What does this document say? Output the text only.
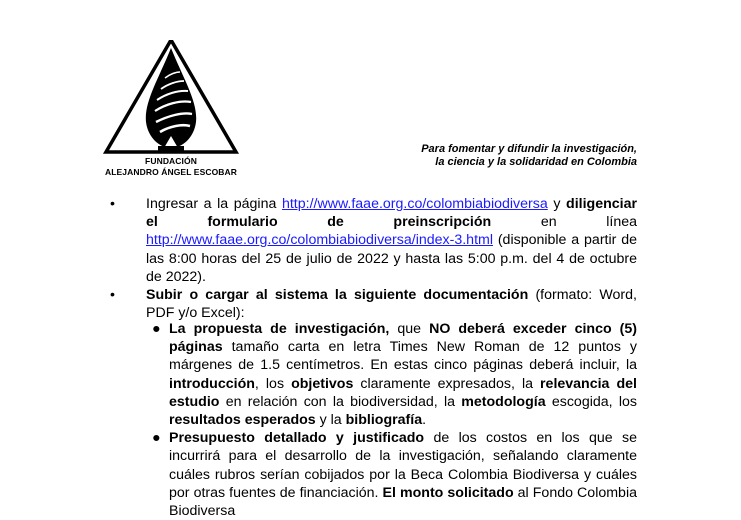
FUNDACIÓN
ALEJANDRO ÁNGEL ESCOBAR
Para fomentar y difundir la investigación,
la ciencia y la solidaridad en Colombia
• Ingresar a la página http://www.faae.org.co/colombiabiodiversa y diligenciar el formulario de preinscripción en línea http://www.faae.org.co/colombiabiodiversa/index-3.html (disponible a partir de las 8:00 horas del 25 de julio de 2022 y hasta las 5:00 p.m. del 4 de octubre de 2022).
• Subir o cargar al sistema la siguiente documentación (formato: Word, PDF y/o Excel):
● La propuesta de investigación, que NO deberá exceder cinco (5) páginas tamaño carta en letra Times New Roman de 12 puntos y márgenes de 1.5 centímetros. En estas cinco páginas deberá incluir, la introducción, los objetivos claramente expresados, la relevancia del estudio en relación con la biodiversidad, la metodología escogida, los resultados esperados y la bibliografía.
● Presupuesto detallado y justificado de los costos en los que se incurrirá para el desarrollo de la investigación, señalando claramente cuáles rubros serían cobijados por la Beca Colombia Biodiversa y cuáles por otras fuentes de financiación. El monto solicitado al Fondo Colombia Biodiversa
